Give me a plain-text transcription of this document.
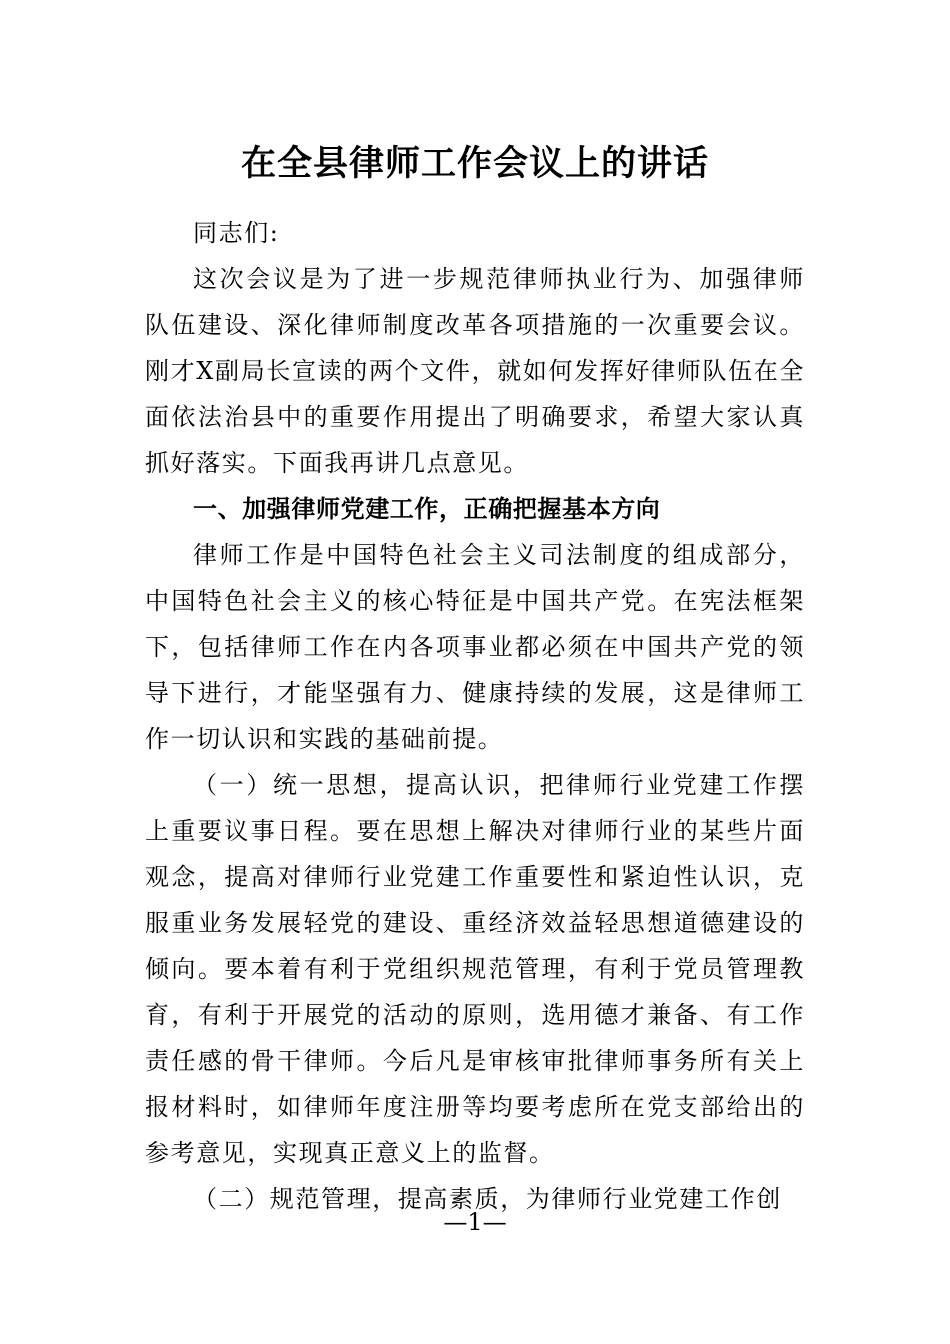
在全县律师工作会议上的讲话

同志们:

这次会议是为了进一步规范律师执业行为、加强律师队伍建设、深化律师制度改革各项措施的一次重要会议。刚才X副局长宣读的两个文件，就如何发挥好律师队伍在全面依法治县中的重要作用提出了明确要求，希望大家认真抓好落实。下面我再讲几点意见。

一、加强律师党建工作，正确把握基本方向

律师工作是中国特色社会主义司法制度的组成部分，中国特色社会主义的核心特征是中国共产党。在宪法框架下，包括律师工作在内各项事业都必须在中国共产党的领导下进行，才能坚强有力、健康持续的发展，这是律师工作一切认识和实践的基础前提。

（一）统一思想，提高认识，把律师行业党建工作摆上重要议事日程。要在思想上解决对律师行业的某些片面观念，提高对律师行业党建工作重要性和紧迫性认识，克服重业务发展轻党的建设、重经济效益轻思想道德建设的倾向。要本着有利于党组织规范管理，有利于党员管理教育，有利于开展党的活动的原则，选用德才兼备、有工作责任感的骨干律师。今后凡是审核审批律师事务所有关上报材料时，如律师年度注册等均要考虑所在党支部给出的参考意见，实现真正意义上的监督。

（二）规范管理，提高素质，为律师行业党建工作创

—1—
